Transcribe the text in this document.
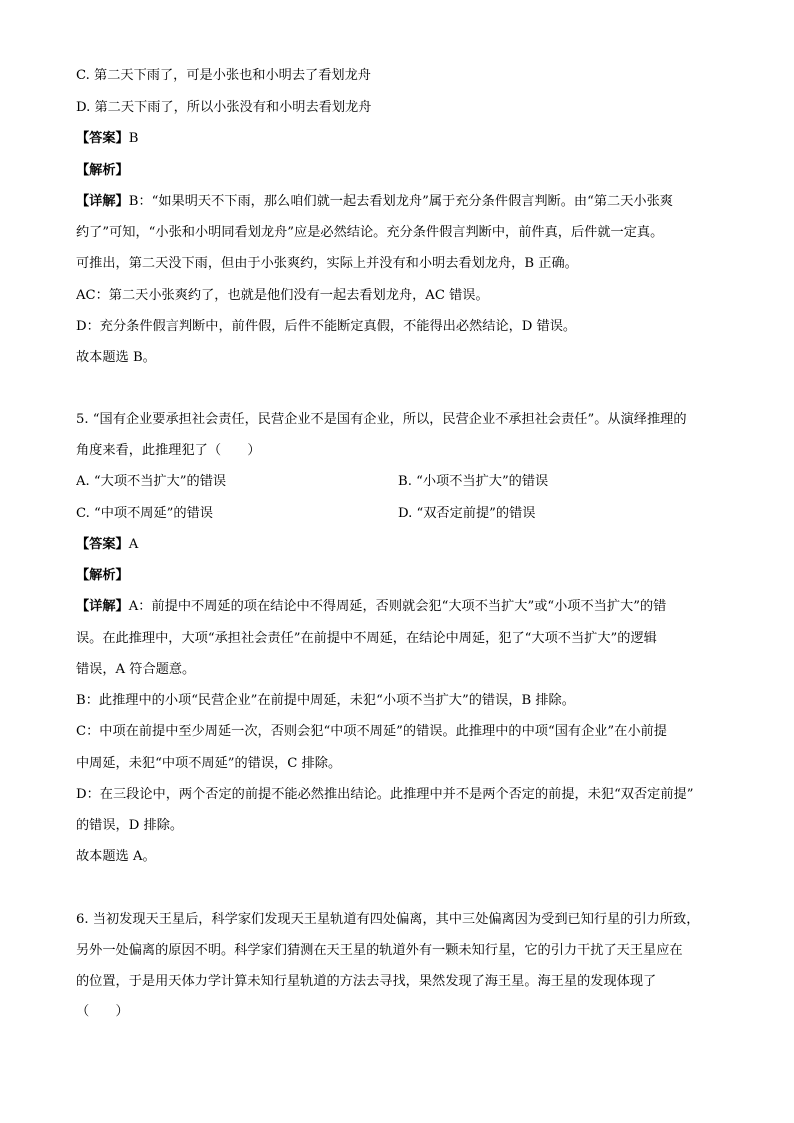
C. 第二天下雨了，可是小张也和小明去了看划龙舟
D. 第二天下雨了，所以小张没有和小明去看划龙舟
【答案】B
【解析】
【详解】B：“如果明天不下雨，那么咱们就一起去看划龙舟”属于充分条件假言判断。由“第二天小张爽
约了”可知，“小张和小明同看划龙舟”应是必然结论。充分条件假言判断中，前件真，后件就一定真。
可推出，第二天没下雨，但由于小张爽约，实际上并没有和小明去看划龙舟，B 正确。
AC：第二天小张爽约了，也就是他们没有一起去看划龙舟，AC 错误。
D：充分条件假言判断中，前件假，后件不能断定真假，不能得出必然结论，D 错误。
故本题选 B。
5. “国有企业要承担社会责任，民营企业不是国有企业，所以，民营企业不承担社会责任”。从演绎推理的
角度来看，此推理犯了（　　）
A. “大项不当扩大”的错误	B. “小项不当扩大”的错误
C. “中项不周延”的错误	D. “双否定前提”的错误
【答案】A
【解析】
【详解】A：前提中不周延的项在结论中不得周延，否则就会犯“大项不当扩大”或“小项不当扩大”的错
误。在此推理中，大项“承担社会责任”在前提中不周延，在结论中周延，犯了“大项不当扩大”的逻辑
错误，A 符合题意。
B：此推理中的小项“民营企业”在前提中周延，未犯“小项不当扩大”的错误，B 排除。
C：中项在前提中至少周延一次，否则会犯“中项不周延”的错误。此推理中的中项“国有企业”在小前提
中周延，未犯“中项不周延”的错误，C 排除。
D：在三段论中，两个否定的前提不能必然推出结论。此推理中并不是两个否定的前提，未犯“双否定前提”
的错误，D 排除。
故本题选 A。
6. 当初发现天王星后，科学家们发现天王星轨道有四处偏离，其中三处偏离因为受到已知行星的引力所致，
另外一处偏离的原因不明。科学家们猜测在天王星的轨道外有一颗未知行星，它的引力干扰了天王星应在
的位置，于是用天体力学计算未知行星轨道的方法去寻找，果然发现了海王星。海王星的发现体现了
（　　）
